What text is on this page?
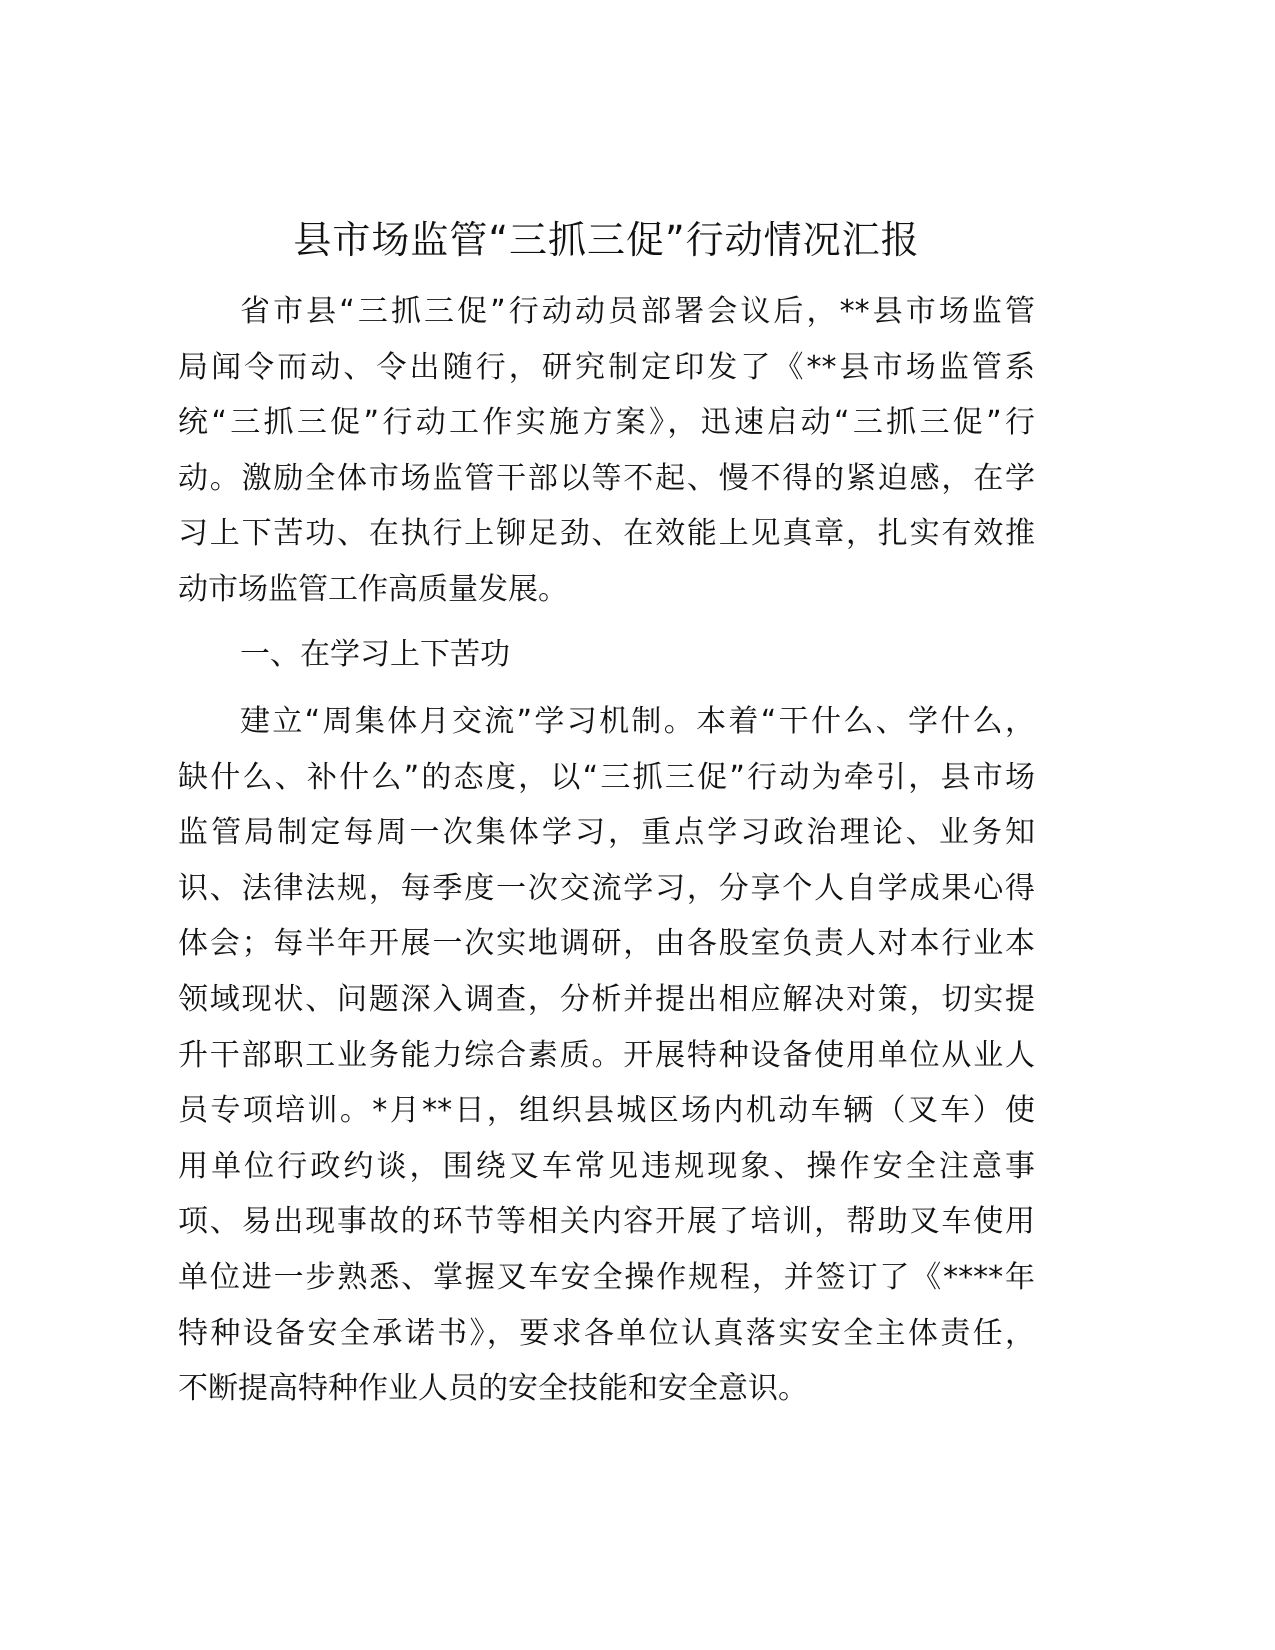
县市场监管“三抓三促”行动情况汇报
省市县“三抓三促”行动动员部署会议后，**县市场监管
局闻令而动、令出随行，研究制定印发了《**县市场监管系
统“三抓三促”行动工作实施方案》，迅速启动“三抓三促”行
动。激励全体市场监管干部以等不起、慢不得的紧迫感，在学
习上下苦功、在执行上铆足劲、在效能上见真章，扎实有效推
动市场监管工作高质量发展。
一、在学习上下苦功
建立“周集体月交流”学习机制。本着“干什么、学什么，
缺什么、补什么”的态度，以“三抓三促”行动为牵引，县市场
监管局制定每周一次集体学习，重点学习政治理论、业务知
识、法律法规，每季度一次交流学习，分享个人自学成果心得
体会；每半年开展一次实地调研，由各股室负责人对本行业本
领域现状、问题深入调查，分析并提出相应解决对策，切实提
升干部职工业务能力综合素质。开展特种设备使用单位从业人
员专项培训。*月**日，组织县城区场内机动车辆（叉车）使
用单位行政约谈，围绕叉车常见违规现象、操作安全注意事
项、易出现事故的环节等相关内容开展了培训，帮助叉车使用
单位进一步熟悉、掌握叉车安全操作规程，并签订了《****年
特种设备安全承诺书》，要求各单位认真落实安全主体责任，
不断提高特种作业人员的安全技能和安全意识。
